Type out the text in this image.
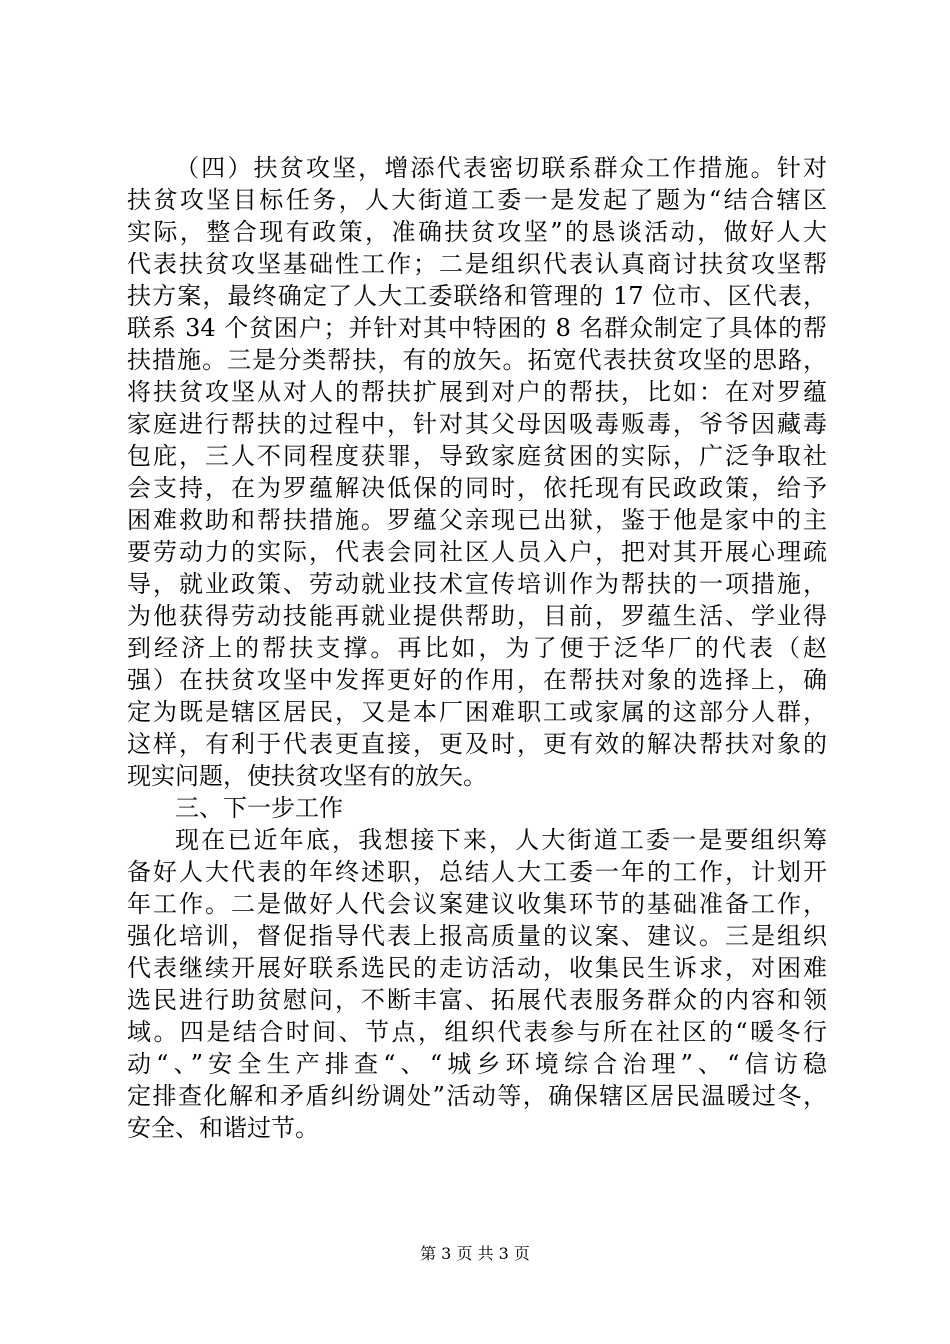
（四）扶贫攻坚，增添代表密切联系群众工作措施。针对
扶贫攻坚目标任务，人大街道工委一是发起了题为“结合辖区
实际，整合现有政策，准确扶贫攻坚”的恳谈活动，做好人大
代表扶贫攻坚基础性工作；二是组织代表认真商讨扶贫攻坚帮
扶方案，最终确定了人大工委联络和管理的 17 位市、区代表，
联系 34 个贫困户；并针对其中特困的 8 名群众制定了具体的帮
扶措施。三是分类帮扶，有的放矢。拓宽代表扶贫攻坚的思路，
将扶贫攻坚从对人的帮扶扩展到对户的帮扶，比如：在对罗蕴
家庭进行帮扶的过程中，针对其父母因吸毒贩毒，爷爷因藏毒
包庇，三人不同程度获罪，导致家庭贫困的实际，广泛争取社
会支持，在为罗蕴解决低保的同时，依托现有民政政策，给予
困难救助和帮扶措施。罗蕴父亲现已出狱，鉴于他是家中的主
要劳动力的实际，代表会同社区人员入户，把对其开展心理疏
导，就业政策、劳动就业技术宣传培训作为帮扶的一项措施，
为他获得劳动技能再就业提供帮助，目前，罗蕴生活、学业得
到经济上的帮扶支撑。再比如，为了便于泛华厂的代表（赵
强）在扶贫攻坚中发挥更好的作用，在帮扶对象的选择上，确
定为既是辖区居民，又是本厂困难职工或家属的这部分人群，
这样，有利于代表更直接，更及时，更有效的解决帮扶对象的
现实问题，使扶贫攻坚有的放矢。
三、下一步工作
现在已近年底，我想接下来，人大街道工委一是要组织筹
备好人大代表的年终述职，总结人大工委一年的工作，计划开
年工作。二是做好人代会议案建议收集环节的基础准备工作，
强化培训，督促指导代表上报高质量的议案、建议。三是组织
代表继续开展好联系选民的走访活动，收集民生诉求，对困难
选民进行助贫慰问，不断丰富、拓展代表服务群众的内容和领
域。四是结合时间、节点，组织代表参与所在社区的“暖冬行
动“、”安全生产排查“、“城乡环境综合治理”、“信访稳
定排查化解和矛盾纠纷调处”活动等，确保辖区居民温暖过冬，
安全、和谐过节。
第 3 页 共 3 页
